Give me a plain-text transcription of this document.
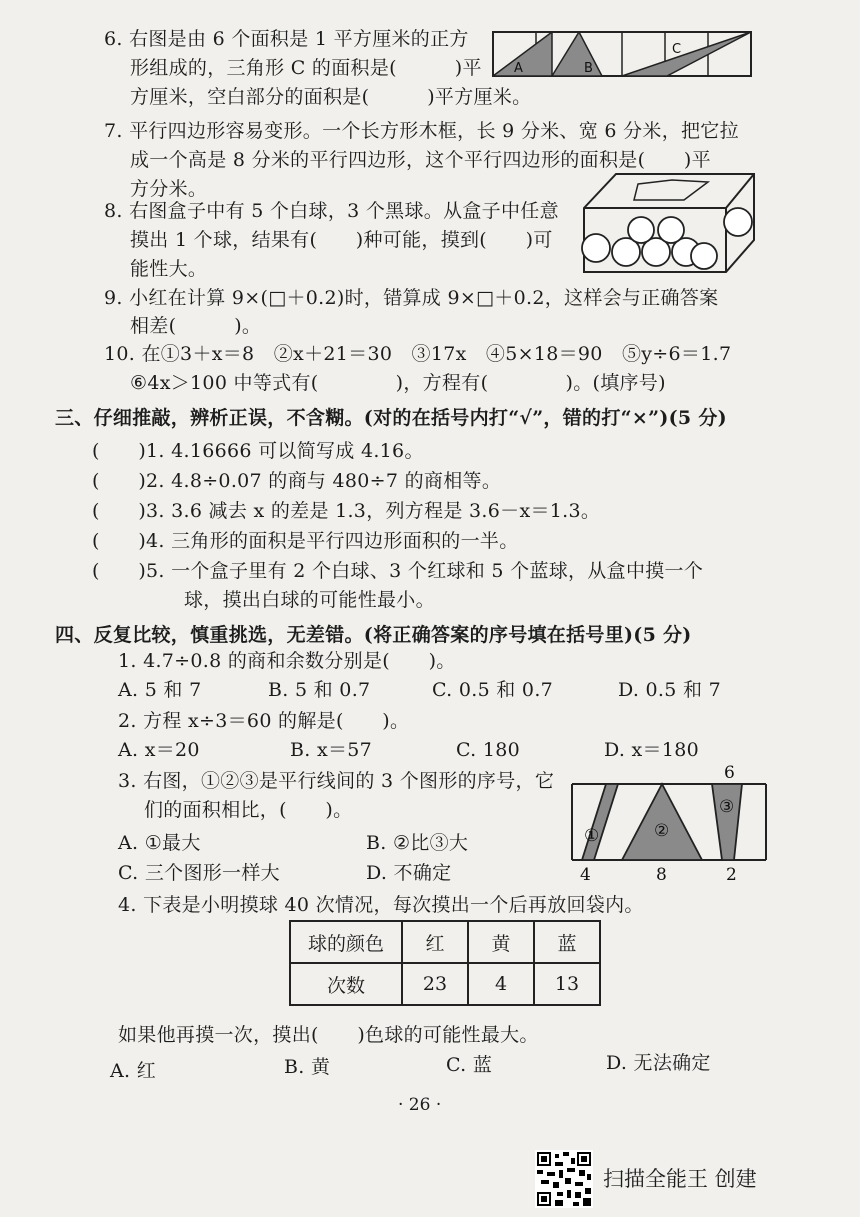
6. 右图是由 6 个面积是 1 平方厘米的正方
形组成的，三角形 C 的面积是(　　　)平
方厘米，空白部分的面积是(　　　)平方厘米。
A	B
C
7. 平行四边形容易变形。一个长方形木框，长 9 分米、宽 6 分米，把它拉
成一个高是 8 分米的平行四边形，这个平行四边形的面积是(　　)平
方分米。
8. 右图盒子中有 5 个白球，3 个黑球。从盒子中任意
摸出 1 个球，结果有(　　)种可能，摸到(　　)可
能性大。
9. 小红在计算 9×(□＋0.2)时，错算成 9×□＋0.2，这样会与正确答案
相差(　　　)。
10. 在①3＋x＝8　②x＋21＝30　③17x　④5×18＝90　⑤y÷6＝1.7
⑥4x＞100 中等式有(　　　　)，方程有(　　　　)。(填序号)
三、仔细推敲，辨析正误，不含糊。(对的在括号内打“√”，错的打“×”)(5 分)
(　　)1. 4.16666 可以简写成 4.16。
(　　)2. 4.8÷0.07 的商与 480÷7 的商相等。
(　　)3. 3.6 减去 x 的差是 1.3，列方程是 3.6－x＝1.3。
(　　)4. 三角形的面积是平行四边形面积的一半。
(　　)5. 一个盒子里有 2 个白球、3 个红球和 5 个蓝球，从盒中摸一个
球，摸出白球的可能性最小。
四、反复比较，慎重挑选，无差错。(将正确答案的序号填在括号里)(5 分)
1. 4.7÷0.8 的商和余数分别是(　　)。
A. 5 和 7	B. 5 和 0.7	C. 0.5 和 0.7	D. 0.5 和 7
2. 方程 x÷3＝60 的解是(　　)。
A. x＝20	B. x＝57	C. 180	D. x＝180
3. 右图，①②③是平行线间的 3 个图形的序号，它
们的面积相比，(　　)。
A. ①最大	B. ②比③大
C. 三个图形一样大	D. 不确定
①	②
③
6
4	8	2
4. 下表是小明摸球 40 次情况，每次摸出一个后再放回袋内。
球的颜色	红	黄	蓝
次数	23	4	13
如果他再摸一次，摸出(　　)色球的可能性最大。
A. 红	B. 黄	C. 蓝	D. 无法确定
· 26 ·
扫描全能王 创建
